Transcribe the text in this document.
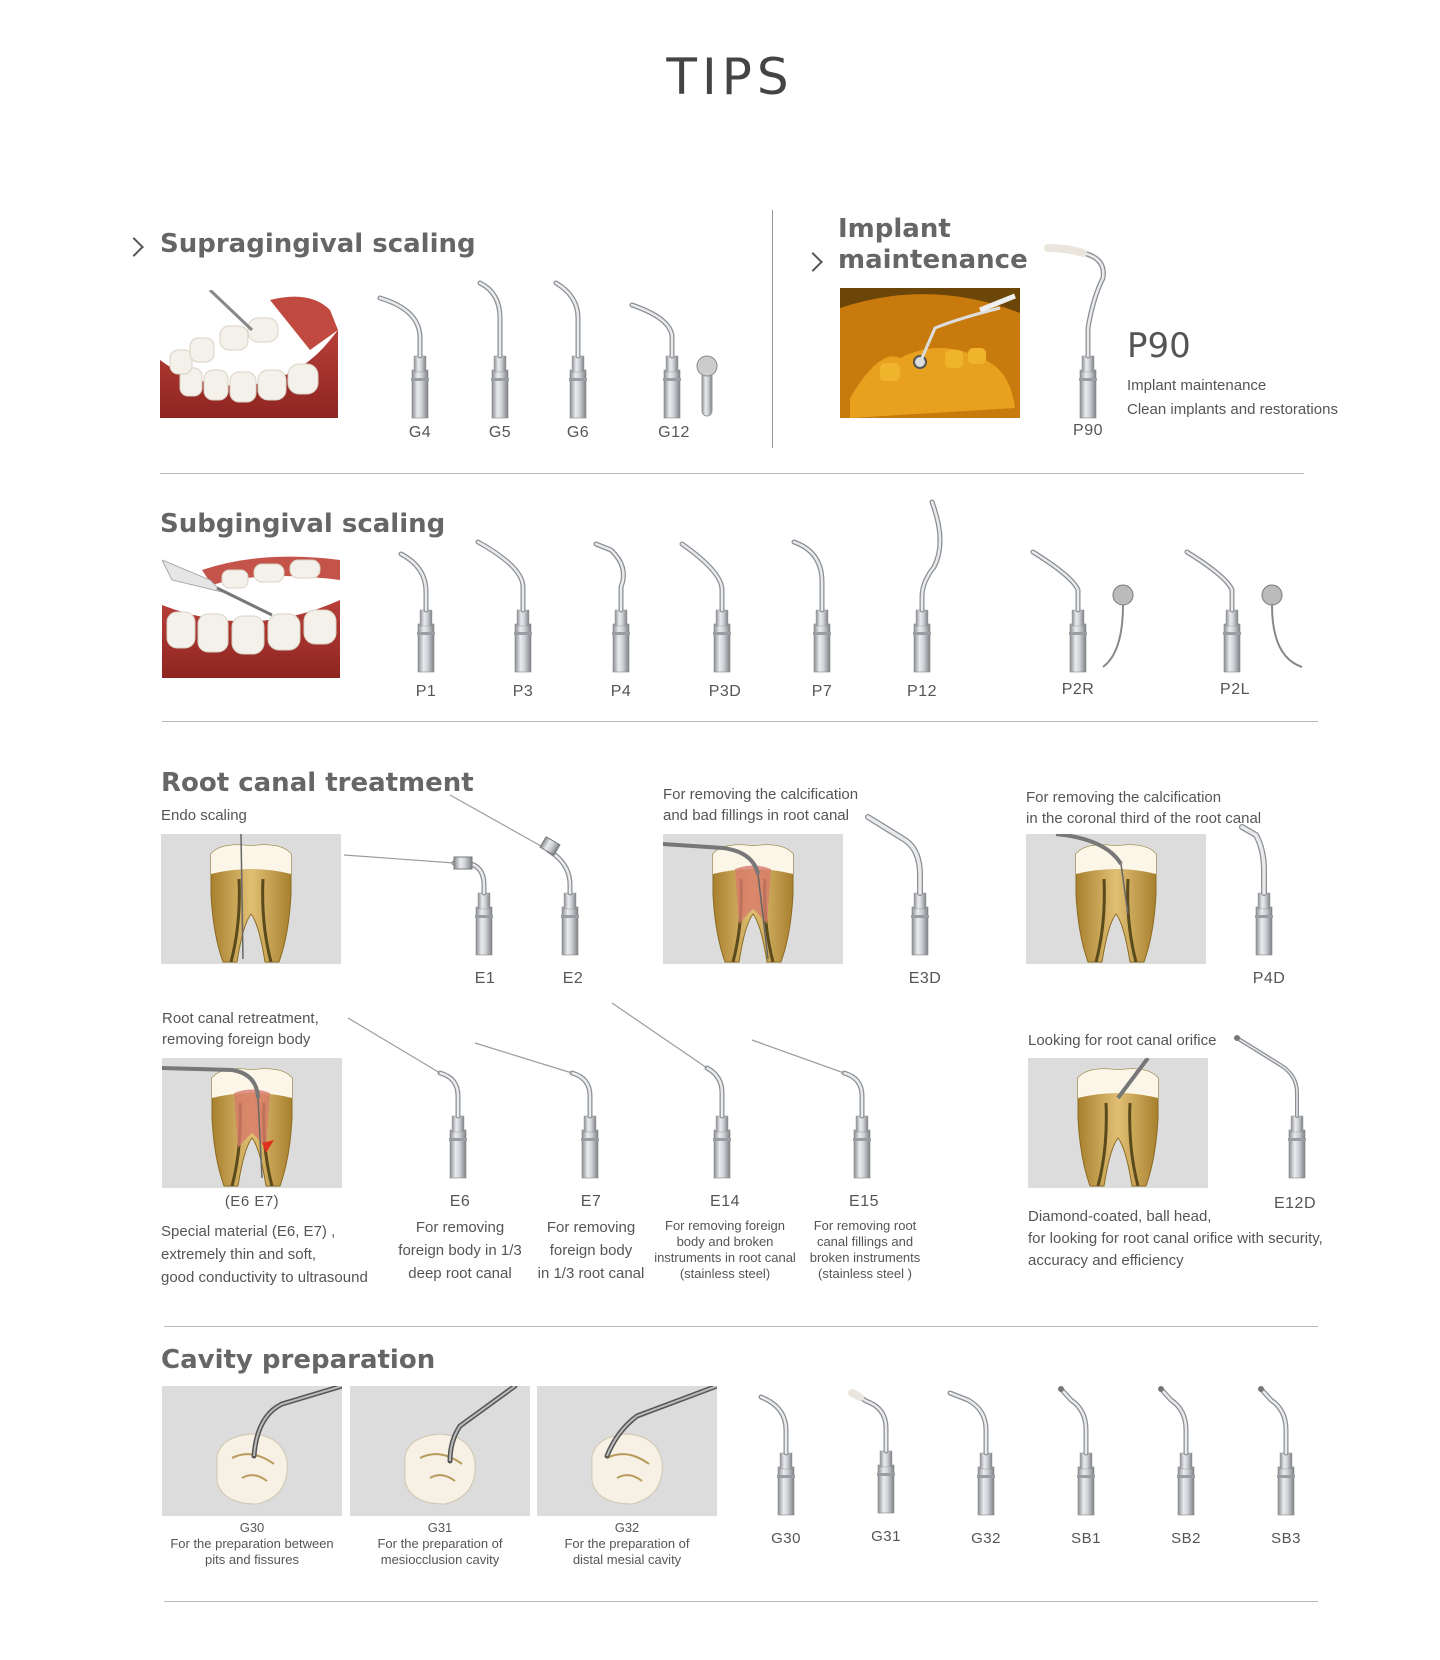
TIPS
Supragingival scaling
G4	G5	G6	G12
Implant
maintenance
P90
P90
Implant maintenance
Clean implants and restorations
Subgingival scaling
P1	P3	P4	P3D	P7	P12	P2R	P2L
Root canal treatment
Endo scaling
For removing the calcification
and bad fillings in root canal
For removing the calcification
in the coronal third of the root canal
E1	E2	E3D	P4D
Root canal retreatment,
removing foreign body
(E6 E7)
Special material (E6, E7) ,
extremely thin and soft,
good conductivity to ultrasound
E6	E7	E14	E15
For removing
foreign body in 1/3
deep root canal
For removing
foreign body
in 1/3 root canal
For removing foreign
body and broken
instruments in root canal
(stainless steel)
For removing root
canal fillings and
broken instruments
(stainless steel )
Looking for root canal orifice
E12D
Diamond-coated, ball head,
for looking for root canal orifice with security,
accuracy and efficiency
Cavity preparation
G30
For the preparation between
pits and fissures
G31
For the preparation of
mesiocclusion cavity
G32
For the preparation of
distal mesial cavity
G30	G31	G32	SB1	SB2	SB3
